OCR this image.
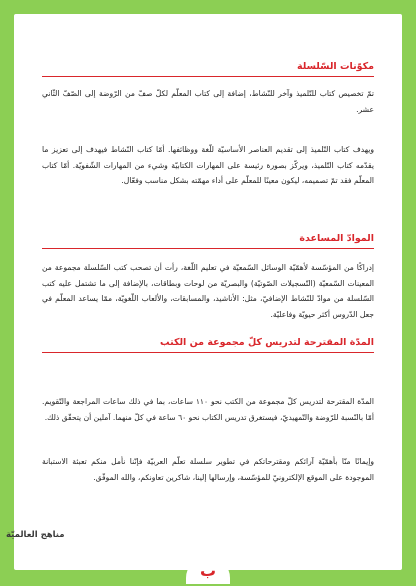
مكوّنات السّلسلة

تمّ تخصيص كتاب للتّلميذ وآخر للنّشاط، إضافة إلى كتاب المعلّم لكلّ صفّ من الرّوضة إلى الصّفّ الثّاني عشر.

ويهدف كتاب التّلميذ إلى تقديم العناصر الأساسيّة للّغة ووظائفها. أمّا كتاب النّشاط فيهدف إلى تعزيز ما يقدّمه كتاب التّلميذ، ويركّز بصورة رئيسة على المهارات الكتابيّة وشيء من المهارات الشّفويّة. أمّا كتاب المعلّم فقد تمّ تصميمه، ليكون معينًا للمعلّم على أداء مهمّته بشكل مناسب وفعّال.

الموادّ المساعدة

إدراكًا من المؤسّسة لأهمّيّة الوسائل السّمعيّة في تعليم اللّغة، رأت أن تصحب كتب السّلسلة مجموعة من المعينات السّمعيّة (التّسجيلات الصّوتيّة) والبصريّة من لوحات وبطاقات، بالإضافة إلى ما تشتمل عليه كتب السّلسلة من موادّ للنّشاط الإضافيّ، مثل: الأناشيد، والمسابقات، والألعاب اللّغويّة، ممّا يساعد المعلّم في جعل الدّروس أكثر حيويّة وفاعليّة.

المدّة المقترحة لتدريس كلّ مجموعة من الكتب

المدّة المقترحة لتدريس كلّ مجموعة من الكتب نحو ١١٠ ساعات، بما في ذلك ساعات المراجعة والتّقويم. أمّا بالنّسبة للرّوضة والتّمهيديّ، فيستغرق تدريس الكتاب نحو ٦٠ ساعة في كلّ منهما. آملين أن يتحقّق ذلك.

وإيمانًا منّا بأهمّيّة آرائكم ومقترحاتكم في تطوير سلسلة تعلّم العربيّة فإنّنا نأمل منكم تعبئة الاستبانة الموجودة على الموقع الإلكترونيّ للمؤسّسة، وإرسالها إلينا، شاكرين تعاونكم، والله الموفّق.

مناهج العالميّة
ب
